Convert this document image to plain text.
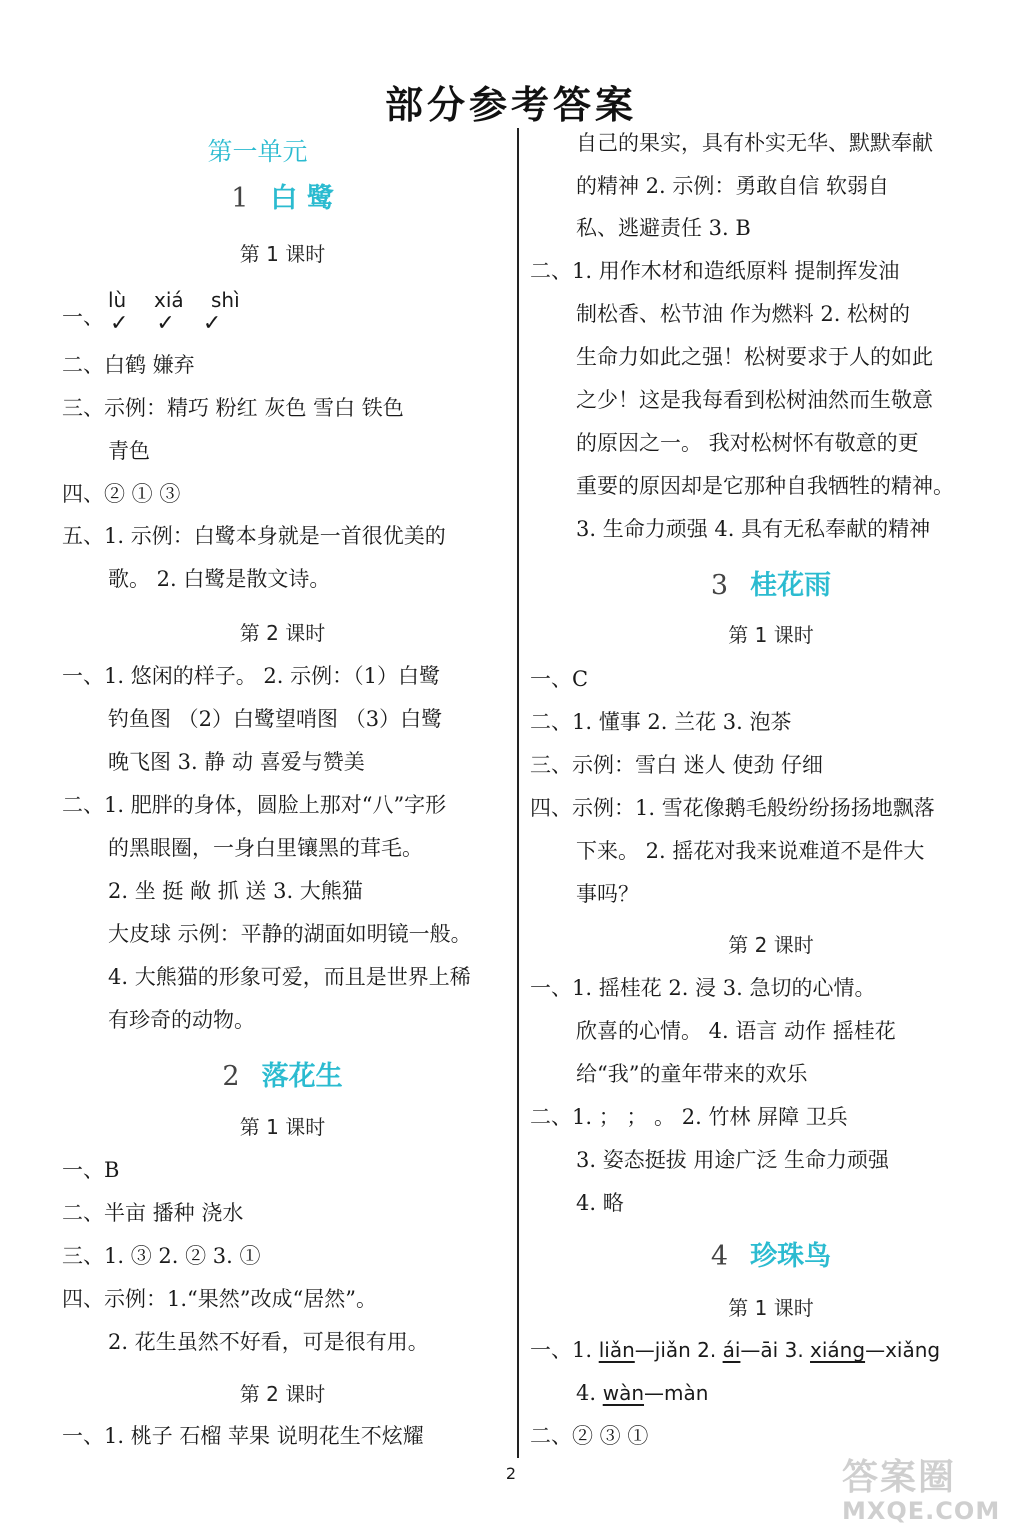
部分参考答案
第一单元
1 白 鹭
第 1 课时
一、
lù xiá shì
✓✓✓
二、白鹤 嫌弃
三、示例：精巧 粉红 灰色 雪白 铁色
青色
四、② ① ③
五、1. 示例：白鹭本身就是一首很优美的
歌。 2. 白鹭是散文诗。
第 2 课时
一、1. 悠闲的样子。 2. 示例：（1）白鹭
钓鱼图 （2）白鹭望哨图 （3）白鹭
晚飞图 3. 静 动 喜爱与赞美
二、1. 肥胖的身体，圆脸上那对“八”字形
的黑眼圈，一身白里镶黑的茸毛。
2. 坐 挺 敞 抓 送 3. 大熊猫
大皮球 示例：平静的湖面如明镜一般。
4. 大熊猫的形象可爱，而且是世界上稀
有珍奇的动物。
2 落花生
第 1 课时
一、B
二、半亩 播种 浇水
三、1. ③ 2. ② 3. ①
四、示例：1.“果然”改成“居然”。
2. 花生虽然不好看，可是很有用。
第 2 课时
一、1. 桃子 石榴 苹果 说明花生不炫耀
自己的果实，具有朴实无华、默默奉献
的精神 2. 示例：勇敢自信 软弱自
私、逃避责任 3. B
二、1. 用作木材和造纸原料 提制挥发油
制松香、松节油 作为燃料 2. 松树的
生命力如此之强！松树要求于人的如此
之少！这是我每看到松树油然而生敬意
的原因之一。 我对松树怀有敬意的更
重要的原因却是它那种自我牺牲的精神。
3. 生命力顽强 4. 具有无私奉献的精神
3 桂花雨
第 1 课时
一、C
二、1. 懂事 2. 兰花 3. 泡茶
三、示例：雪白 迷人 使劲 仔细
四、示例：1. 雪花像鹅毛般纷纷扬扬地飘落
下来。 2. 摇花对我来说难道不是件大
事吗？
第 2 课时
一、1. 摇桂花 2. 浸 3. 急切的心情。
欣喜的心情。 4. 语言 动作 摇桂花
给“我”的童年带来的欢乐
二、1. ； ； 。 2. 竹林 屏障 卫兵
3. 姿态挺拔 用途广泛 生命力顽强
4. 略
4 珍珠鸟
第 1 课时
一、1. liǎn—jiǎn 2. ái—āi 3. xiáng—xiǎng
4. wàn—màn
二、② ③ ①
2	答案圈
MXQE.COM
